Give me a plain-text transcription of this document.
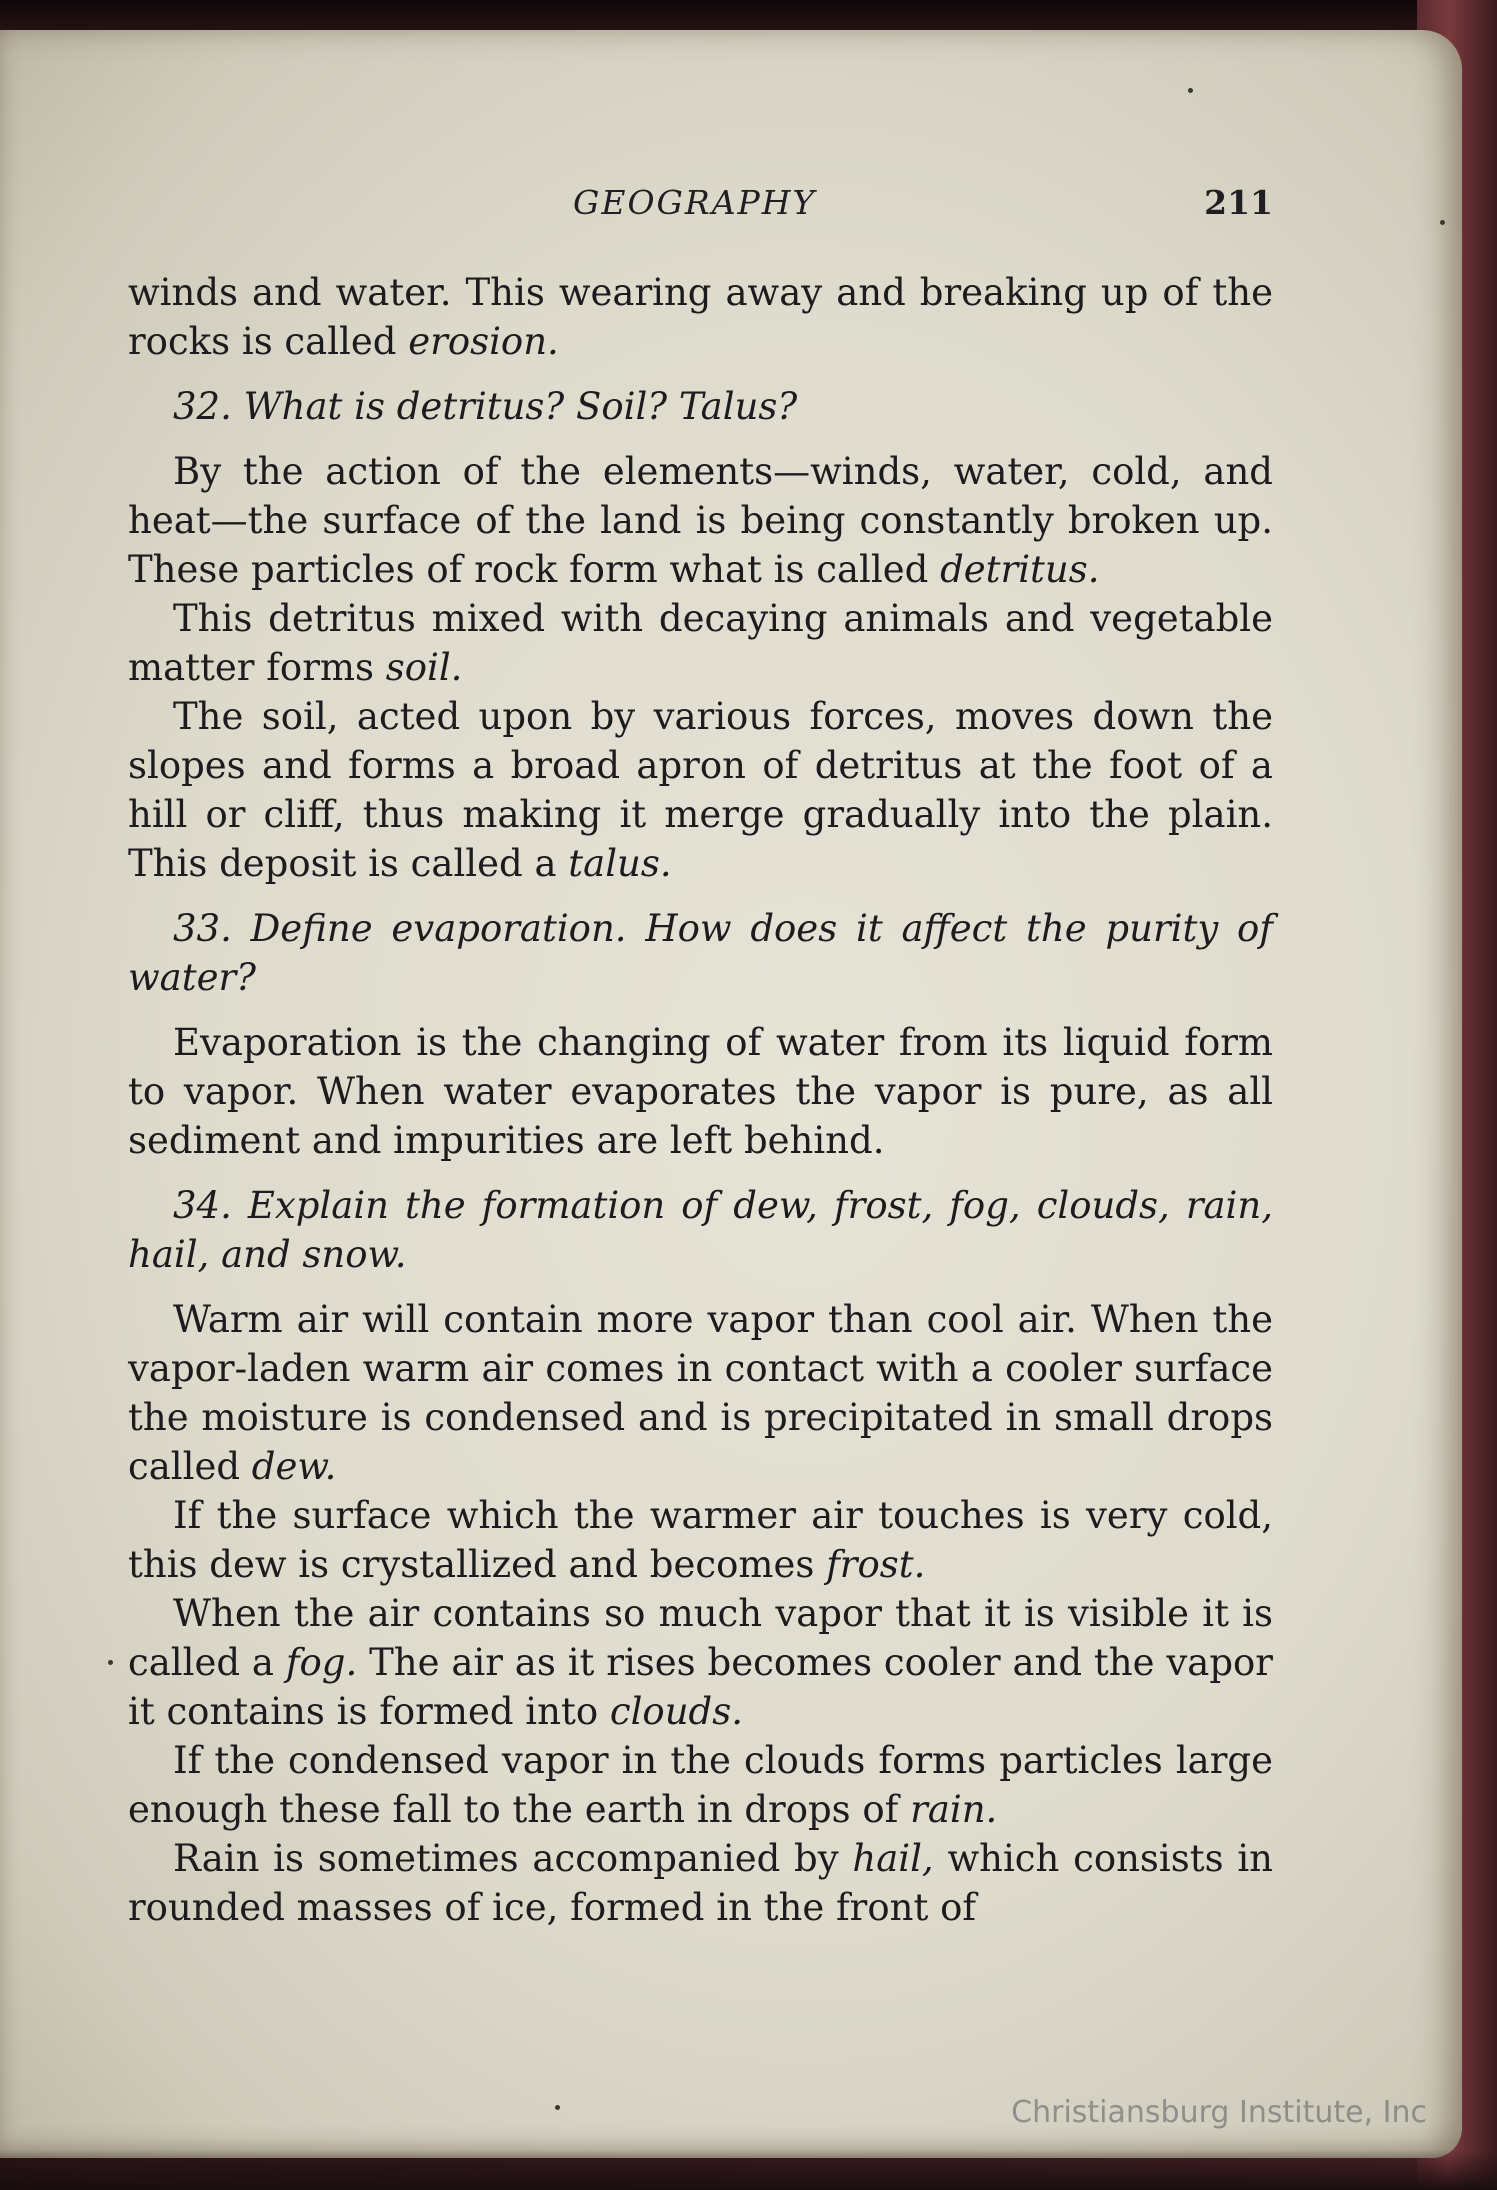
GEOGRAPHY	211

winds and water. This wearing away and breaking up of the rocks is called erosion.

32. What is detritus? Soil? Talus?

By the action of the elements—winds, water, cold, and heat—the surface of the land is being constantly broken up. These particles of rock form what is called detritus.

This detritus mixed with decaying animals and vegetable matter forms soil.

The soil, acted upon by various forces, moves down the slopes and forms a broad apron of detritus at the foot of a hill or cliff, thus making it merge gradually into the plain. This deposit is called a talus.

33. Define evaporation. How does it affect the purity of water?

Evaporation is the changing of water from its liquid form to vapor. When water evaporates the vapor is pure, as all sediment and impurities are left behind.

34. Explain the formation of dew, frost, fog, clouds, rain, hail, and snow.

Warm air will contain more vapor than cool air. When the vapor-laden warm air comes in contact with a cooler surface the moisture is condensed and is precipitated in small drops called dew.

If the surface which the warmer air touches is very cold, this dew is crystallized and becomes frost.

When the air contains so much vapor that it is visible it is called a fog. The air as it rises becomes cooler and the vapor it contains is formed into clouds.

If the condensed vapor in the clouds forms particles large enough these fall to the earth in drops of rain.

Rain is sometimes accompanied by hail, which consists in rounded masses of ice, formed in the front of

Christiansburg Institute, Inc
